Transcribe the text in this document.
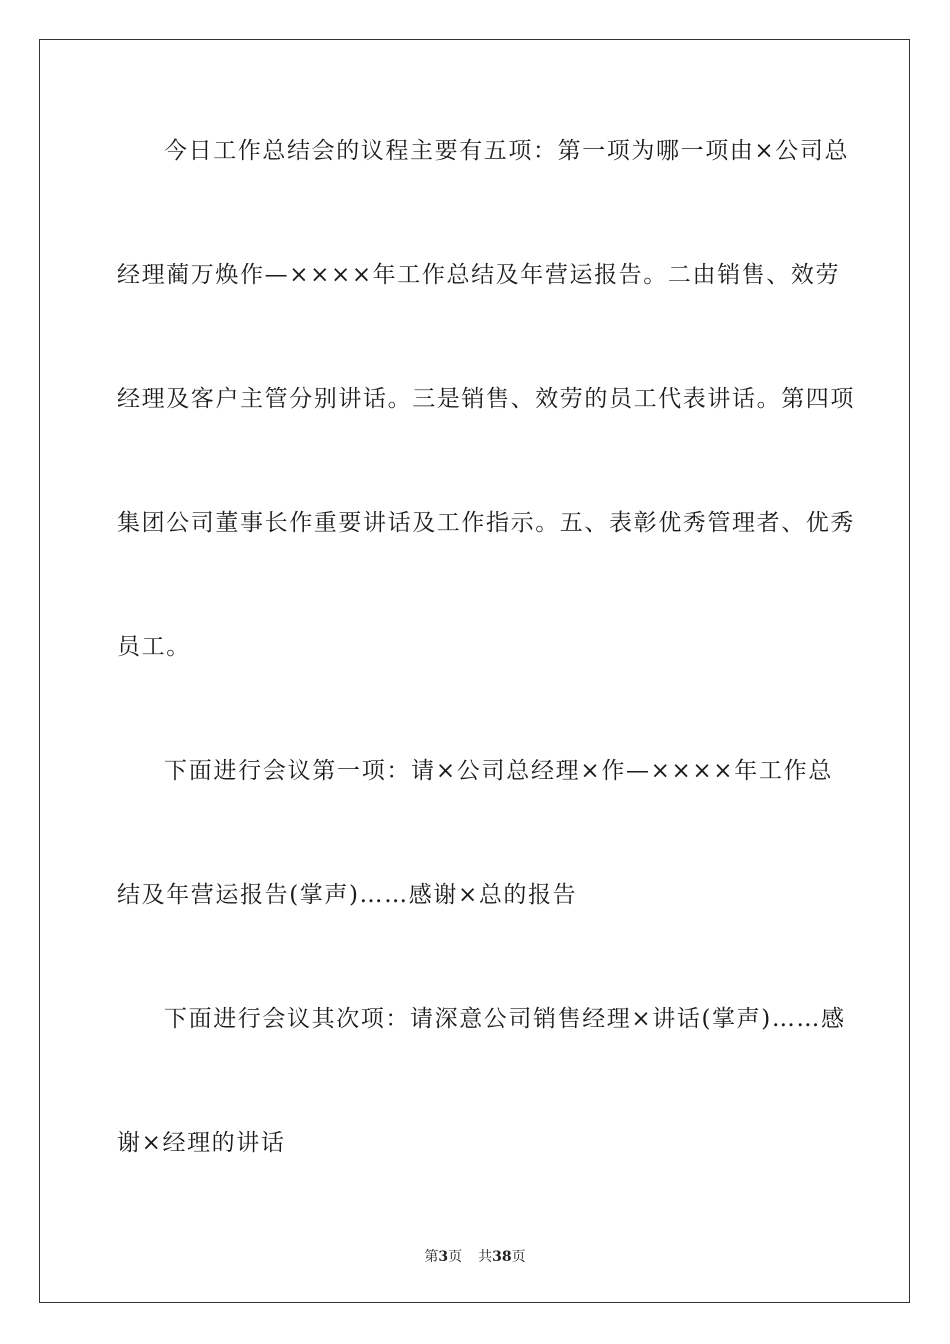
今日工作总结会的议程主要有五项：第一项为哪一项由×公司总
经理蔺万焕作—××××年工作总结及年营运报告。二由销售、效劳
经理及客户主管分别讲话。三是销售、效劳的员工代表讲话。第四项
集团公司董事长作重要讲话及工作指示。五、表彰优秀管理者、优秀
员工。
下面进行会议第一项：请×公司总经理×作—××××年工作总
结及年营运报告(掌声)……感谢×总的报告
下面进行会议其次项：请深意公司销售经理×讲话(掌声)……感
谢×经理的讲话
第3页 共38页
